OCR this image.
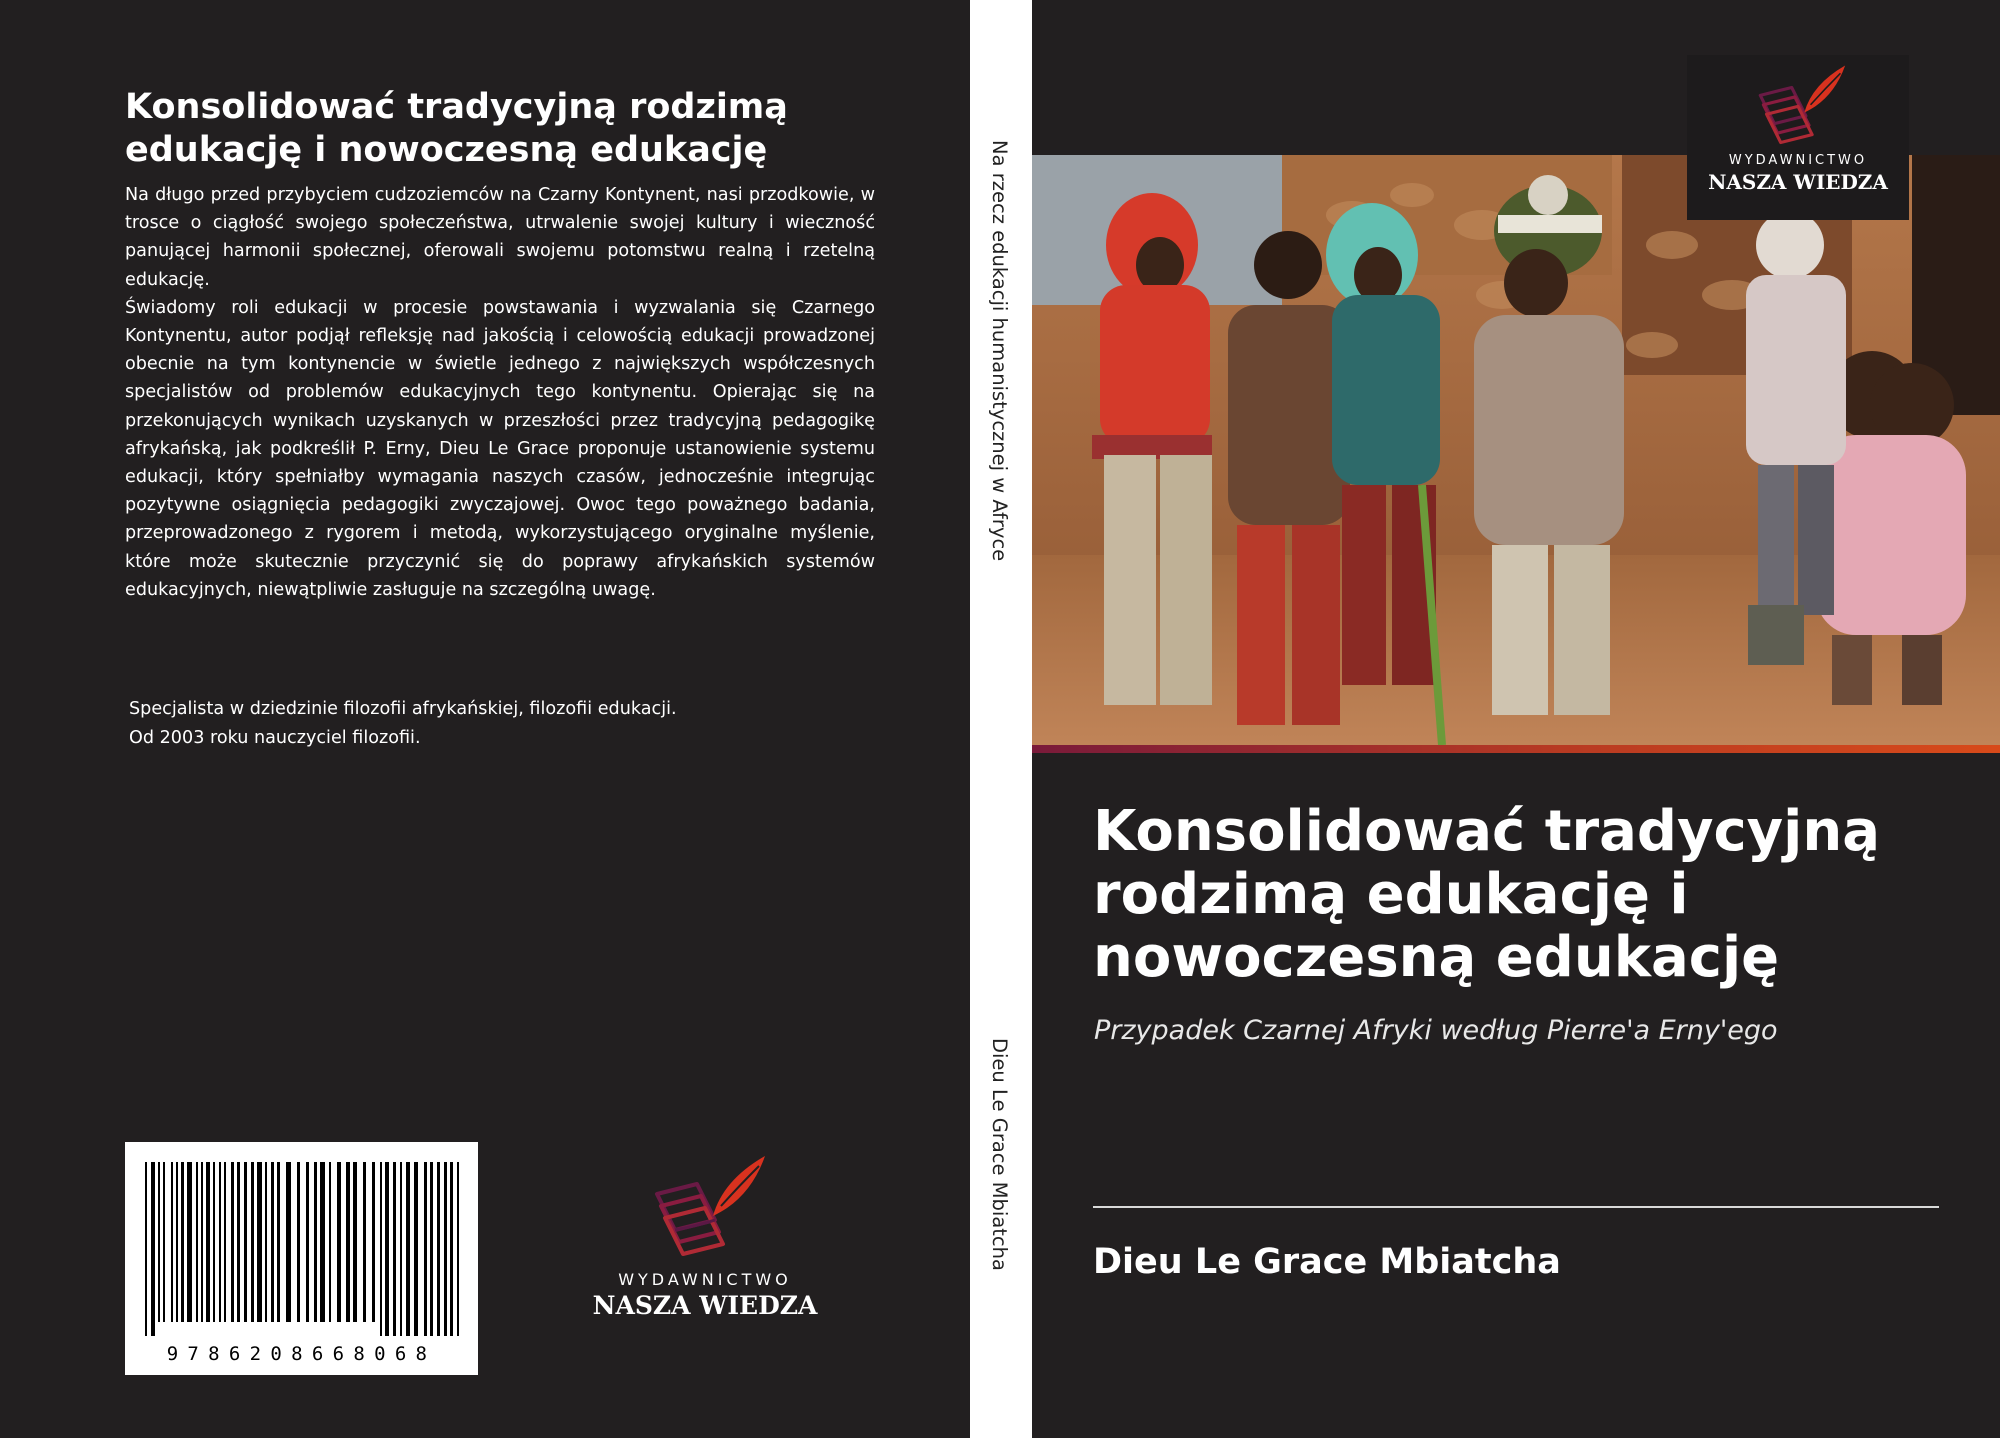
Konsolidować tradycyjną rodzimą edukację i nowoczesną edukację

Na długo przed przybyciem cudzoziemców na Czarny Kontynent, nasi przodkowie, w trosce o ciągłość swojego społeczeństwa, utrwalenie swojej kultury i wieczność panującej harmonii społecznej, oferowali swojemu potomstwu realną i rzetelną edukację.

Świadomy roli edukacji w procesie powstawania i wyzwalania się Czarnego Kontynentu, autor podjął refleksję nad jakością i celowością edukacji prowadzonej obecnie na tym kontynencie w świetle jednego z największych współczesnych specjalistów od problemów edukacyjnych tego kontynentu. Opierając się na przekonujących wynikach uzyskanych w przeszłości przez tradycyjną pedagogikę afrykańską, jak podkreślił P. Erny, Dieu Le Grace proponuje ustanowienie systemu edukacji, który spełniałby wymagania naszych czasów, jednocześnie integrując pozytywne osiągnięcia pedagogiki zwyczajowej. Owoc tego poważnego badania, przeprowadzonego z rygorem i metodą, wykorzystującego oryginalne myślenie, które może skutecznie przyczynić się do poprawy afrykańskich systemów edukacyjnych, niewątpliwie zasługuje na szczególną uwagę.

Specjalista w dziedzinie filozofii afrykańskiej, filozofii edukacji.
Od 2003 roku nauczyciel filozofii.
9786208668068
WYDAWNICTWO
NASZA WIEDZA
Na rzecz edukacji humanistycznej w Afryce
Dieu Le Grace Mbiatcha
WYDAWNICTWO
NASZA WIEDZA
Konsolidować tradycyjną rodzimą edukację i nowoczesną edukację
Przypadek Czarnej Afryki według Pierre'a Erny'ego
Dieu Le Grace Mbiatcha
